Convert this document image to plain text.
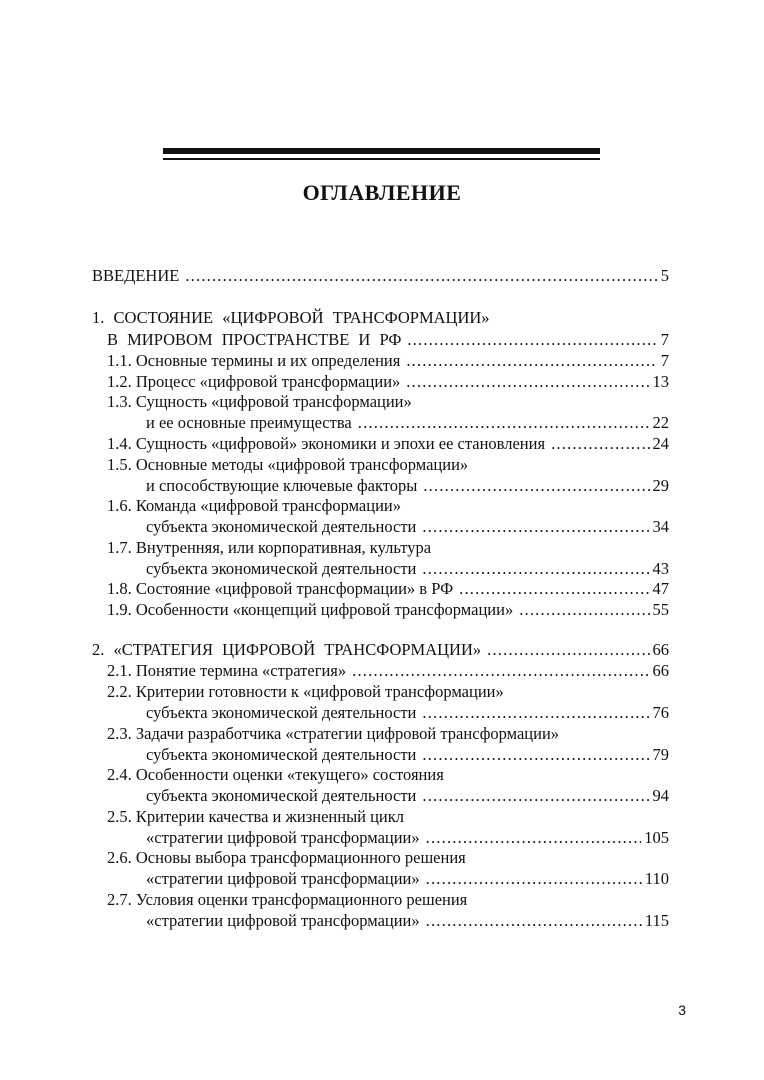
ОГЛАВЛЕНИЕ
ВВЕДЕНИЕ .....	5
1. СОСТОЯНИЕ «ЦИФРОВОЙ ТРАНСФОРМАЦИИ»
В МИРОВОМ ПРОСТРАНСТВЕ И РФ .....	7
1.1. Основные термины и их определения .....	7
1.2. Процесс «цифровой трансформации» .....	13
1.3. Сущность «цифровой трансформации»
и ее основные преимущества .....	22
1.4. Сущность «цифровой» экономики и эпохи ее становления .....	24
1.5. Основные методы «цифровой трансформации»
и способствующие ключевые факторы .....	29
1.6. Команда «цифровой трансформации»
субъекта экономической деятельности .....	34
1.7. Внутренняя, или корпоративная, культура
субъекта экономической деятельности .....	43
1.8. Состояние «цифровой трансформации» в РФ .....	47
1.9. Особенности «концепций цифровой трансформации» .....	55
2. «СТРАТЕГИЯ ЦИФРОВОЙ ТРАНСФОРМАЦИИ» .....	66
2.1. Понятие термина «стратегия» .....	66
2.2. Критерии готовности к «цифровой трансформации»
субъекта экономической деятельности .....	76
2.3. Задачи разработчика «стратегии цифровой трансформации»
субъекта экономической деятельности .....	79
2.4. Особенности оценки «текущего» состояния
субъекта экономической деятельности .....	94
2.5. Критерии качества и жизненный цикл
«стратегии цифровой трансформации» .....	105
2.6. Основы выбора трансформационного решения
«стратегии цифровой трансформации» .....	110
2.7. Условия оценки трансформационного решения
«стратегии цифровой трансформации» .....	115
3
